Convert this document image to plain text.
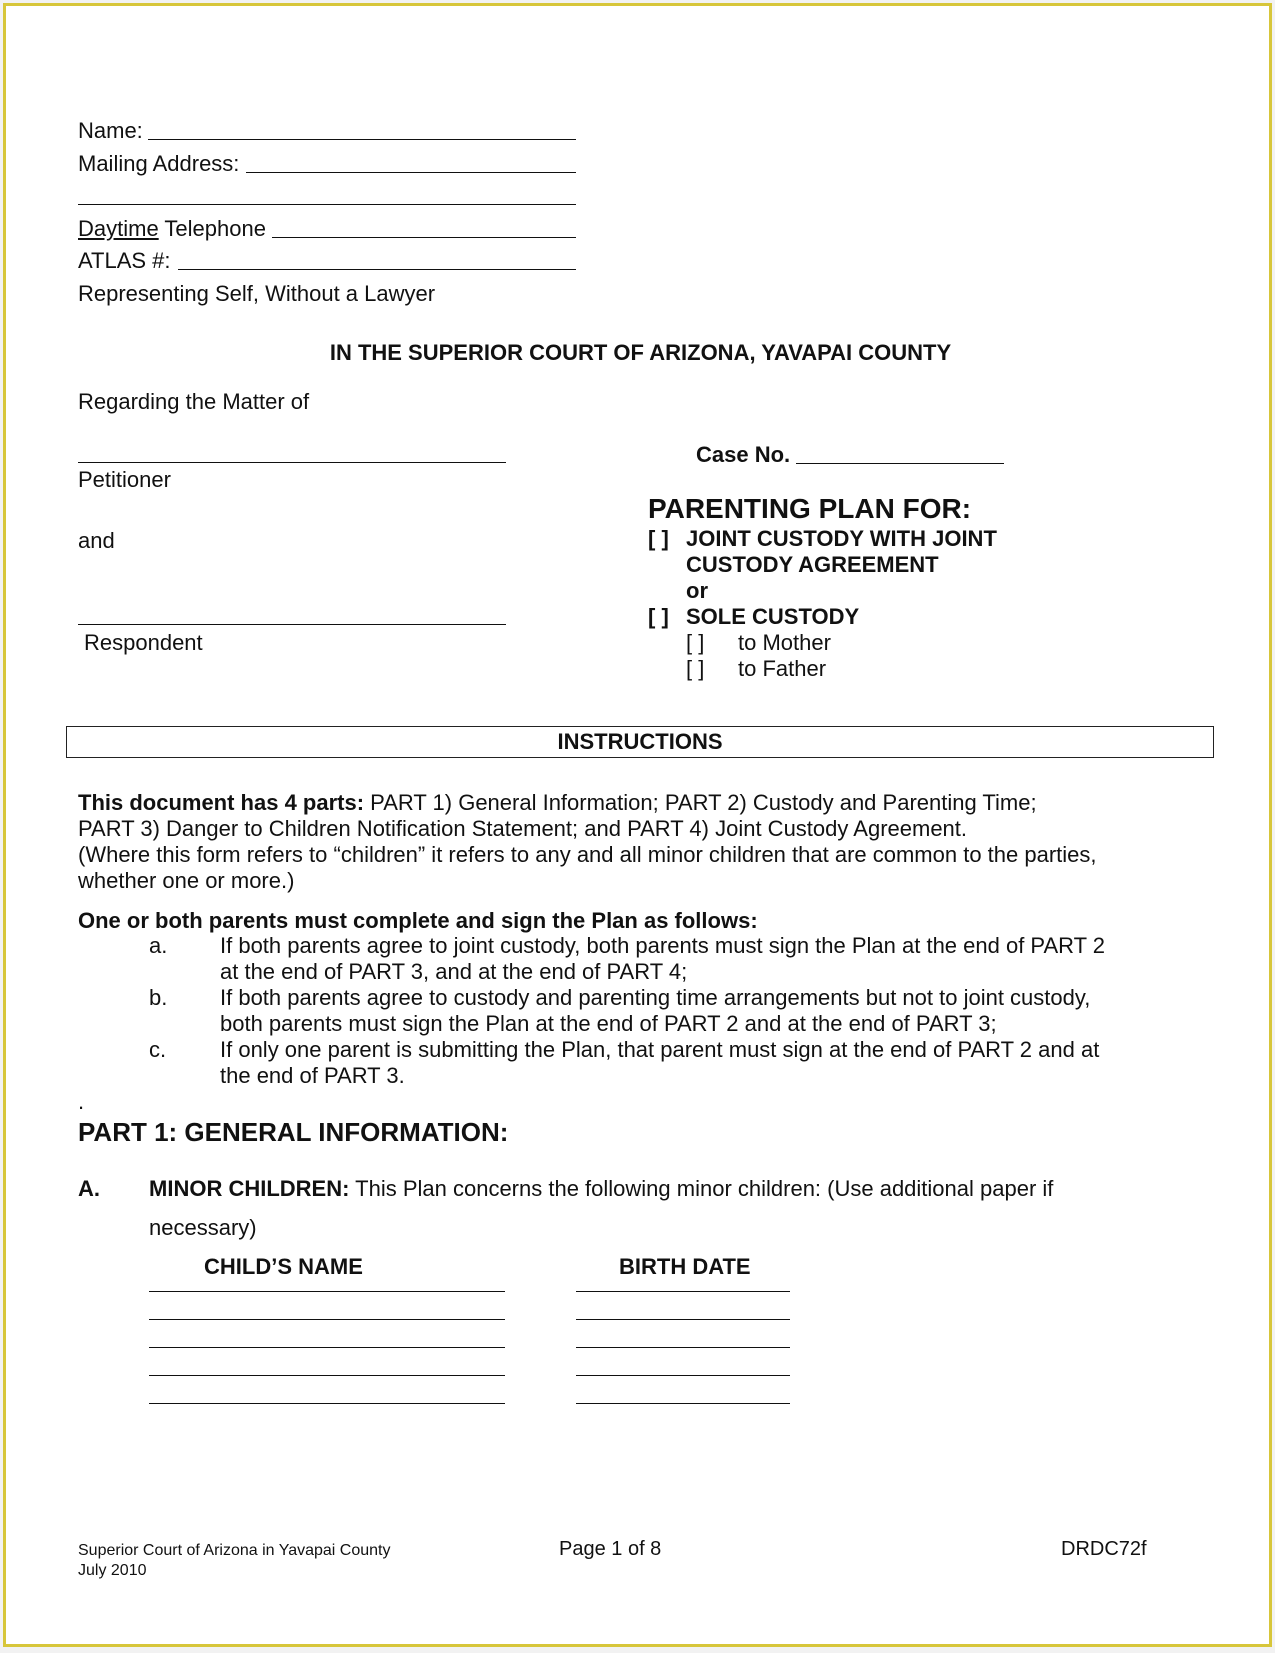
Name:
Mailing Address:
Daytime Telephone
ATLAS #:
Representing Self, Without a Lawyer
IN THE SUPERIOR COURT OF ARIZONA, YAVAPAI COUNTY
Regarding the Matter of
Petitioner
and
Respondent
Case No.
PARENTING PLAN FOR:
[ ] JOINT CUSTODY WITH JOINT
CUSTODY AGREEMENT
or
[ ] SOLE CUSTODY
[ ] to Mother
[ ] to Father
INSTRUCTIONS
This document has 4 parts: PART 1) General Information; PART 2) Custody and Parenting Time;
PART 3) Danger to Children Notification Statement; and PART 4) Joint Custody Agreement.
(Where this form refers to “children” it refers to any and all minor children that are common to the parties,
whether one or more.)
One or both parents must complete and sign the Plan as follows:
a. If both parents agree to joint custody, both parents must sign the Plan at the end of PART 2
at the end of PART 3, and at the end of PART 4;
b. If both parents agree to custody and parenting time arrangements but not to joint custody,
both parents must sign the Plan at the end of PART 2 and at the end of PART 3;
c. If only one parent is submitting the Plan, that parent must sign at the end of PART 2 and at
the end of PART 3.
.
PART 1: GENERAL INFORMATION:
A. MINOR CHILDREN: This Plan concerns the following minor children: (Use additional paper if
necessary)
CHILD’S NAME	BIRTH DATE
Superior Court of Arizona in Yavapai County
July 2010
Page 1 of 8	DRDC72f
